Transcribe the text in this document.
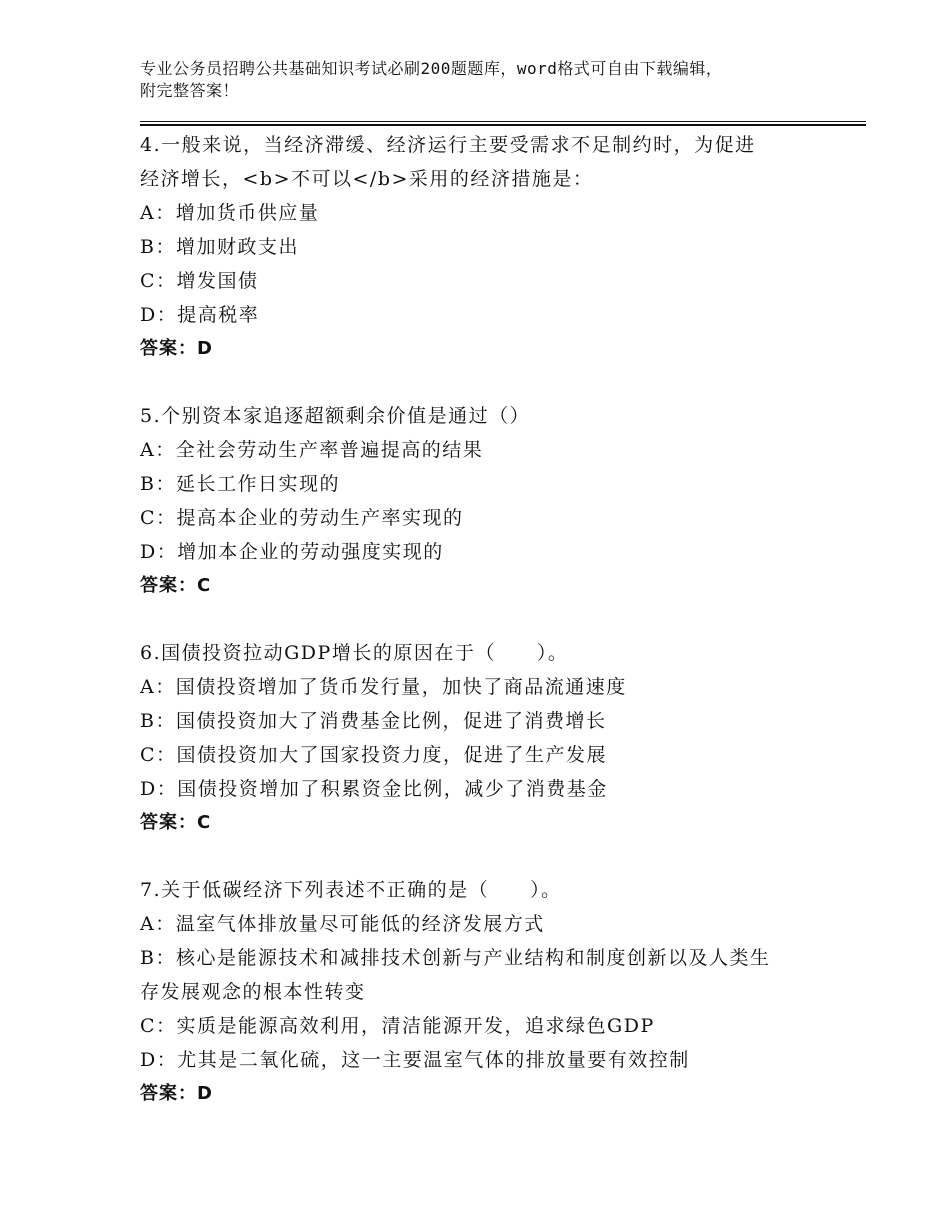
专业公务员招聘公共基础知识考试必刷200题题库，word格式可自由下载编辑，
附完整答案！
4.一般来说，当经济滞缓、经济运行主要受需求不足制约时，为促进
经济增长，<b>不可以</b>采用的经济措施是：
A：增加货币供应量
B：增加财政支出
C：增发国债
D：提高税率
答案：D
5.个别资本家追逐超额剩余价值是通过（）
A：全社会劳动生产率普遍提高的结果
B：延长工作日实现的
C：提高本企业的劳动生产率实现的
D：增加本企业的劳动强度实现的
答案：C
6.国债投资拉动GDP增长的原因在于（　　）。
A：国债投资增加了货币发行量，加快了商品流通速度
B：国债投资加大了消费基金比例，促进了消费增长
C：国债投资加大了国家投资力度，促进了生产发展
D：国债投资增加了积累资金比例，减少了消费基金
答案：C
7.关于低碳经济下列表述不正确的是（　　）。
A：温室气体排放量尽可能低的经济发展方式
B：核心是能源技术和减排技术创新与产业结构和制度创新以及人类生
存发展观念的根本性转变
C：实质是能源高效利用，清洁能源开发，追求绿色GDP
D：尤其是二氧化硫，这一主要温室气体的排放量要有效控制
答案：D
